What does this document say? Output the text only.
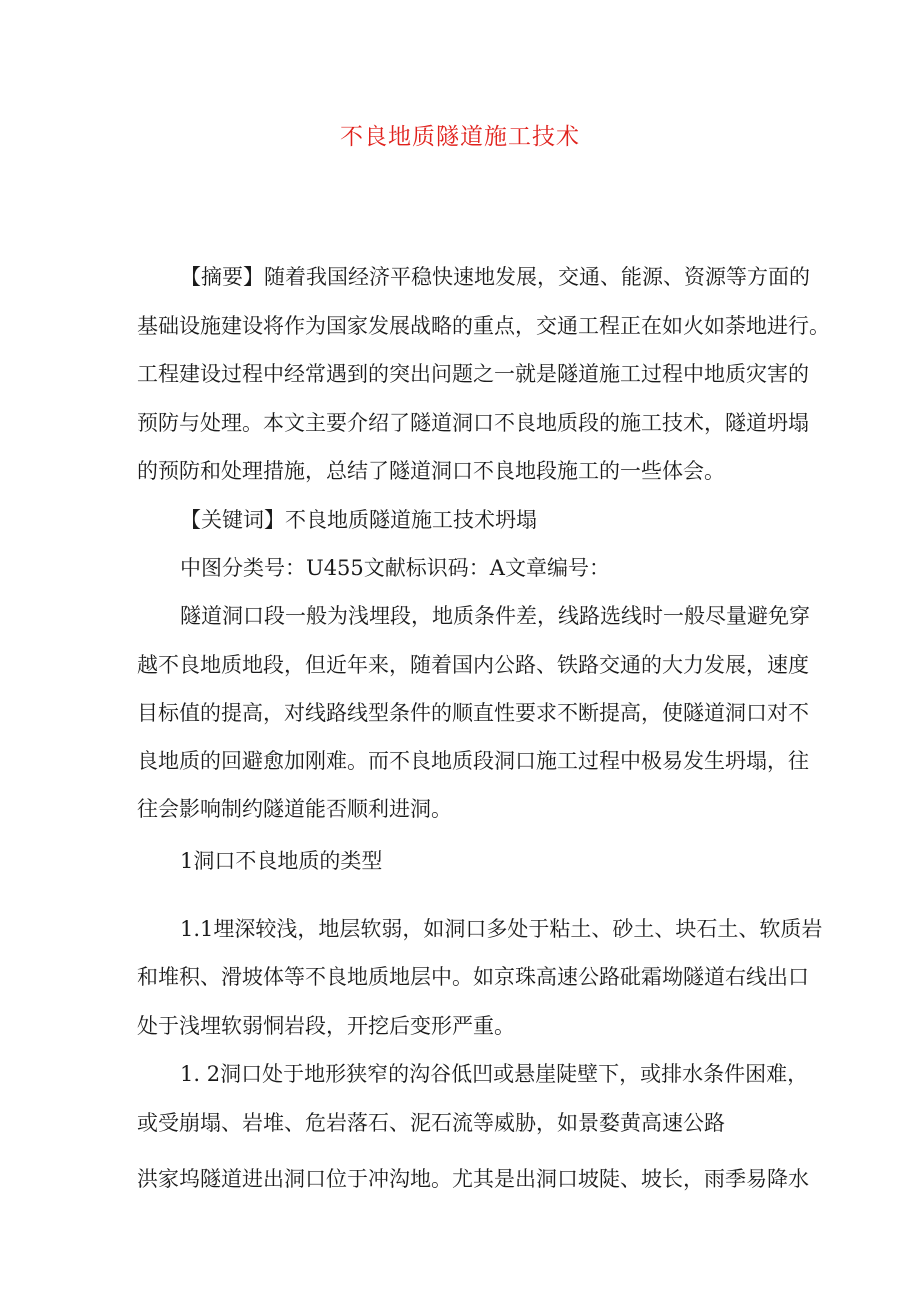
不良地质隧道施工技术
【摘要】随着我国经济平稳快速地发展，交通、能源、资源等方面的
基础设施建设将作为国家发展战略的重点，交通工程正在如火如荼地进行。
工程建设过程中经常遇到的突出问题之一就是隧道施工过程中地质灾害的
预防与处理。本文主要介绍了隧道洞口不良地质段的施工技术，隧道坍塌
的预防和处理措施，总结了隧道洞口不良地段施工的一些体会。
【关键词】不良地质隧道施工技术坍塌
中图分类号：U455文献标识码：A文章编号：
隧道洞口段一般为浅埋段，地质条件差，线路选线时一般尽量避免穿
越不良地质地段，但近年来，随着国内公路、铁路交通的大力发展，速度
目标值的提高，对线路线型条件的顺直性要求不断提高，使隧道洞口对不
良地质的回避愈加刚难。而不良地质段洞口施工过程中极易发生坍塌，往
往会影响制约隧道能否顺利进洞。
1洞口不良地质的类型
1.1埋深较浅，地层软弱，如洞口多处于粘土、砂土、块石土、软质岩
和堆积、滑坡体等不良地质地层中。如京珠高速公路砒霜坳隧道右线出口
处于浅埋软弱恫岩段，开挖后变形严重。
1. 2洞口处于地形狭窄的沟谷低凹或悬崖陡壁下，或排水条件困难，
或受崩塌、岩堆、危岩落石、泥石流等威胁，如景婺黄高速公路
洪家坞隧道进出洞口位于冲沟地。尤其是出洞口坡陡、坡长，雨季易降水
